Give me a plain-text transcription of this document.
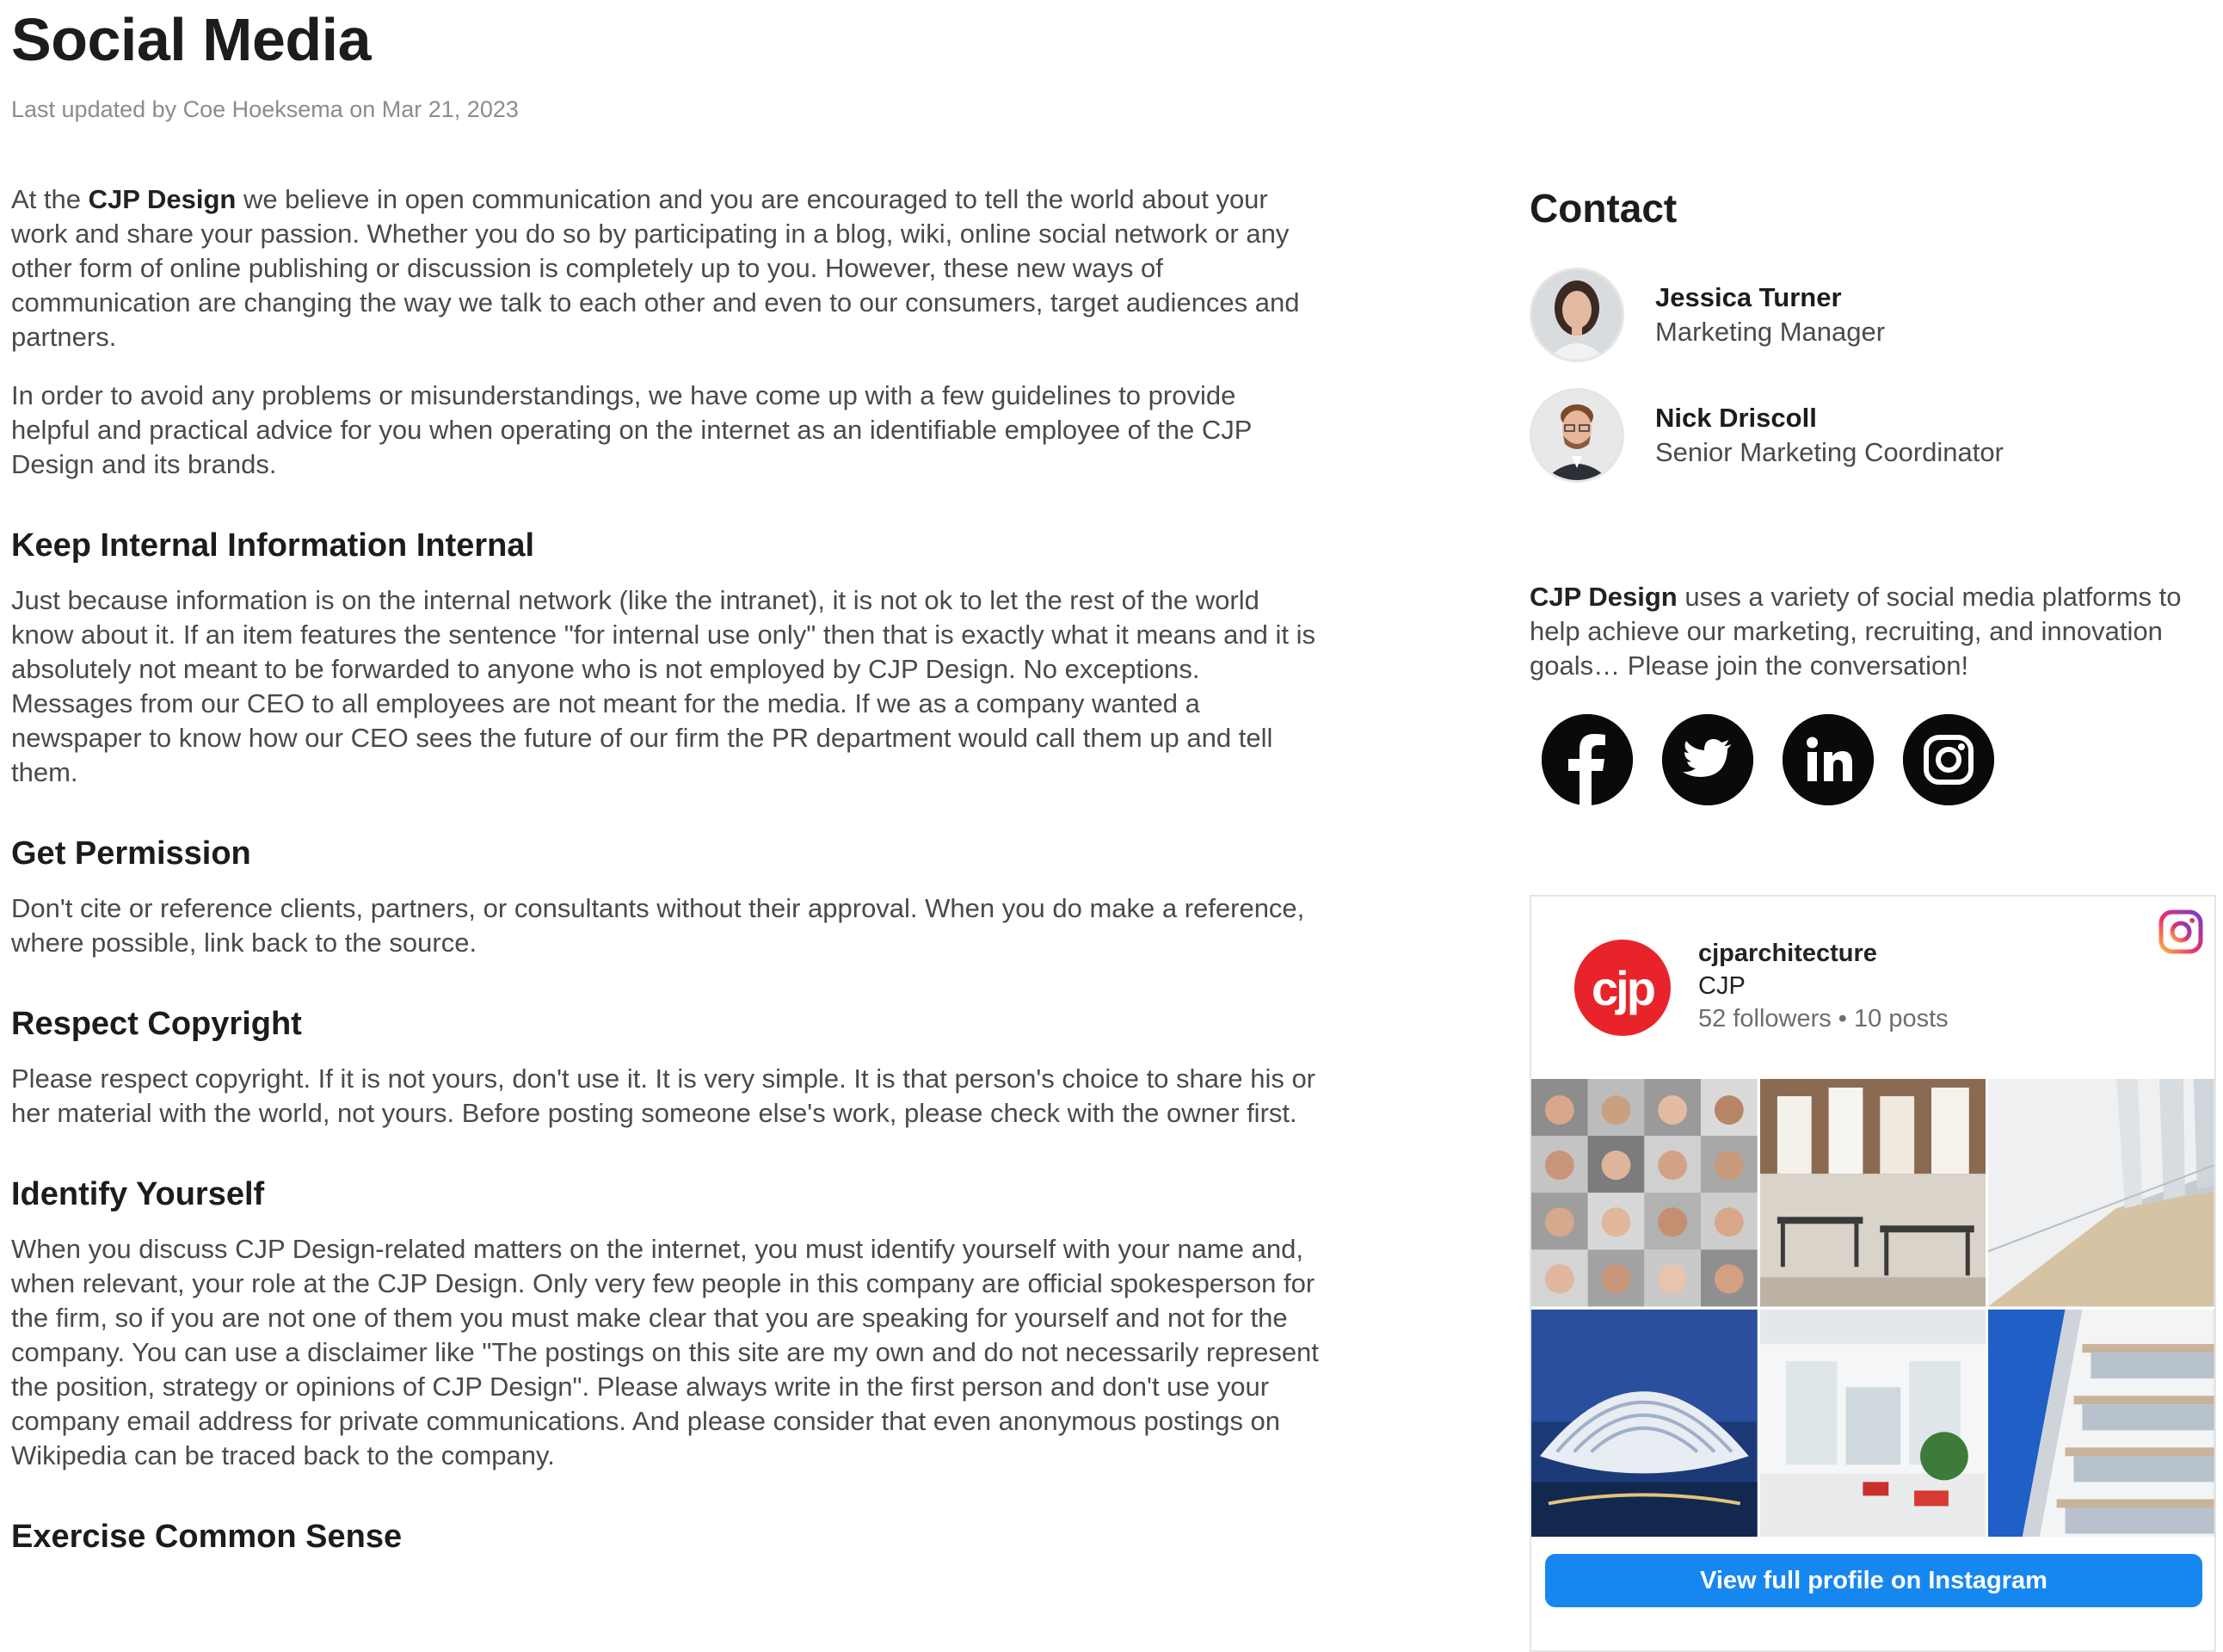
Social Media

Last updated by Coe Hoeksema on Mar 21, 2023

At the CJP Design we believe in open communication and you are encouraged to tell the world about your work and share your passion. Whether you do so by participating in a blog, wiki, online social network or any other form of online publishing or discussion is completely up to you. However, these new ways of communication are changing the way we talk to each other and even to our consumers, target audiences and partners.

In order to avoid any problems or misunderstandings, we have come up with a few guidelines to provide helpful and practical advice for you when operating on the internet as an identifiable employee of the CJP Design and its brands.

Keep Internal Information Internal

Just because information is on the internal network (like the intranet), it is not ok to let the rest of the world know about it. If an item features the sentence "for internal use only" then that is exactly what it means and it is absolutely not meant to be forwarded to anyone who is not employed by CJP Design. No exceptions. Messages from our CEO to all employees are not meant for the media. If we as a company wanted a newspaper to know how our CEO sees the future of our firm the PR department would call them up and tell them.

Get Permission

Don't cite or reference clients, partners, or consultants without their approval. When you do make a reference, where possible, link back to the source.

Respect Copyright

Please respect copyright. If it is not yours, don't use it. It is very simple. It is that person's choice to share his or her material with the world, not yours. Before posting someone else's work, please check with the owner first.

Identify Yourself

When you discuss CJP Design-related matters on the internet, you must identify yourself with your name and, when relevant, your role at the CJP Design. Only very few people in this company are official spokesperson for the firm, so if you are not one of them you must make clear that you are speaking for yourself and not for the company. You can use a disclaimer like "The postings on this site are my own and do not necessarily represent the position, strategy or opinions of CJP Design". Please always write in the first person and don't use your company email address for private communications. And please consider that even anonymous postings on Wikipedia can be traced back to the company.

Exercise Common Sense
Contact
Jessica Turner
Marketing Manager
Nick Driscoll
Senior Marketing Coordinator

CJP Design uses a variety of social media platforms to help achieve our marketing, recruiting, and innovation goals… Please join the conversation!

cjp
cjparchitecture
CJP
52 followers • 10 posts
View full profile on Instagram
